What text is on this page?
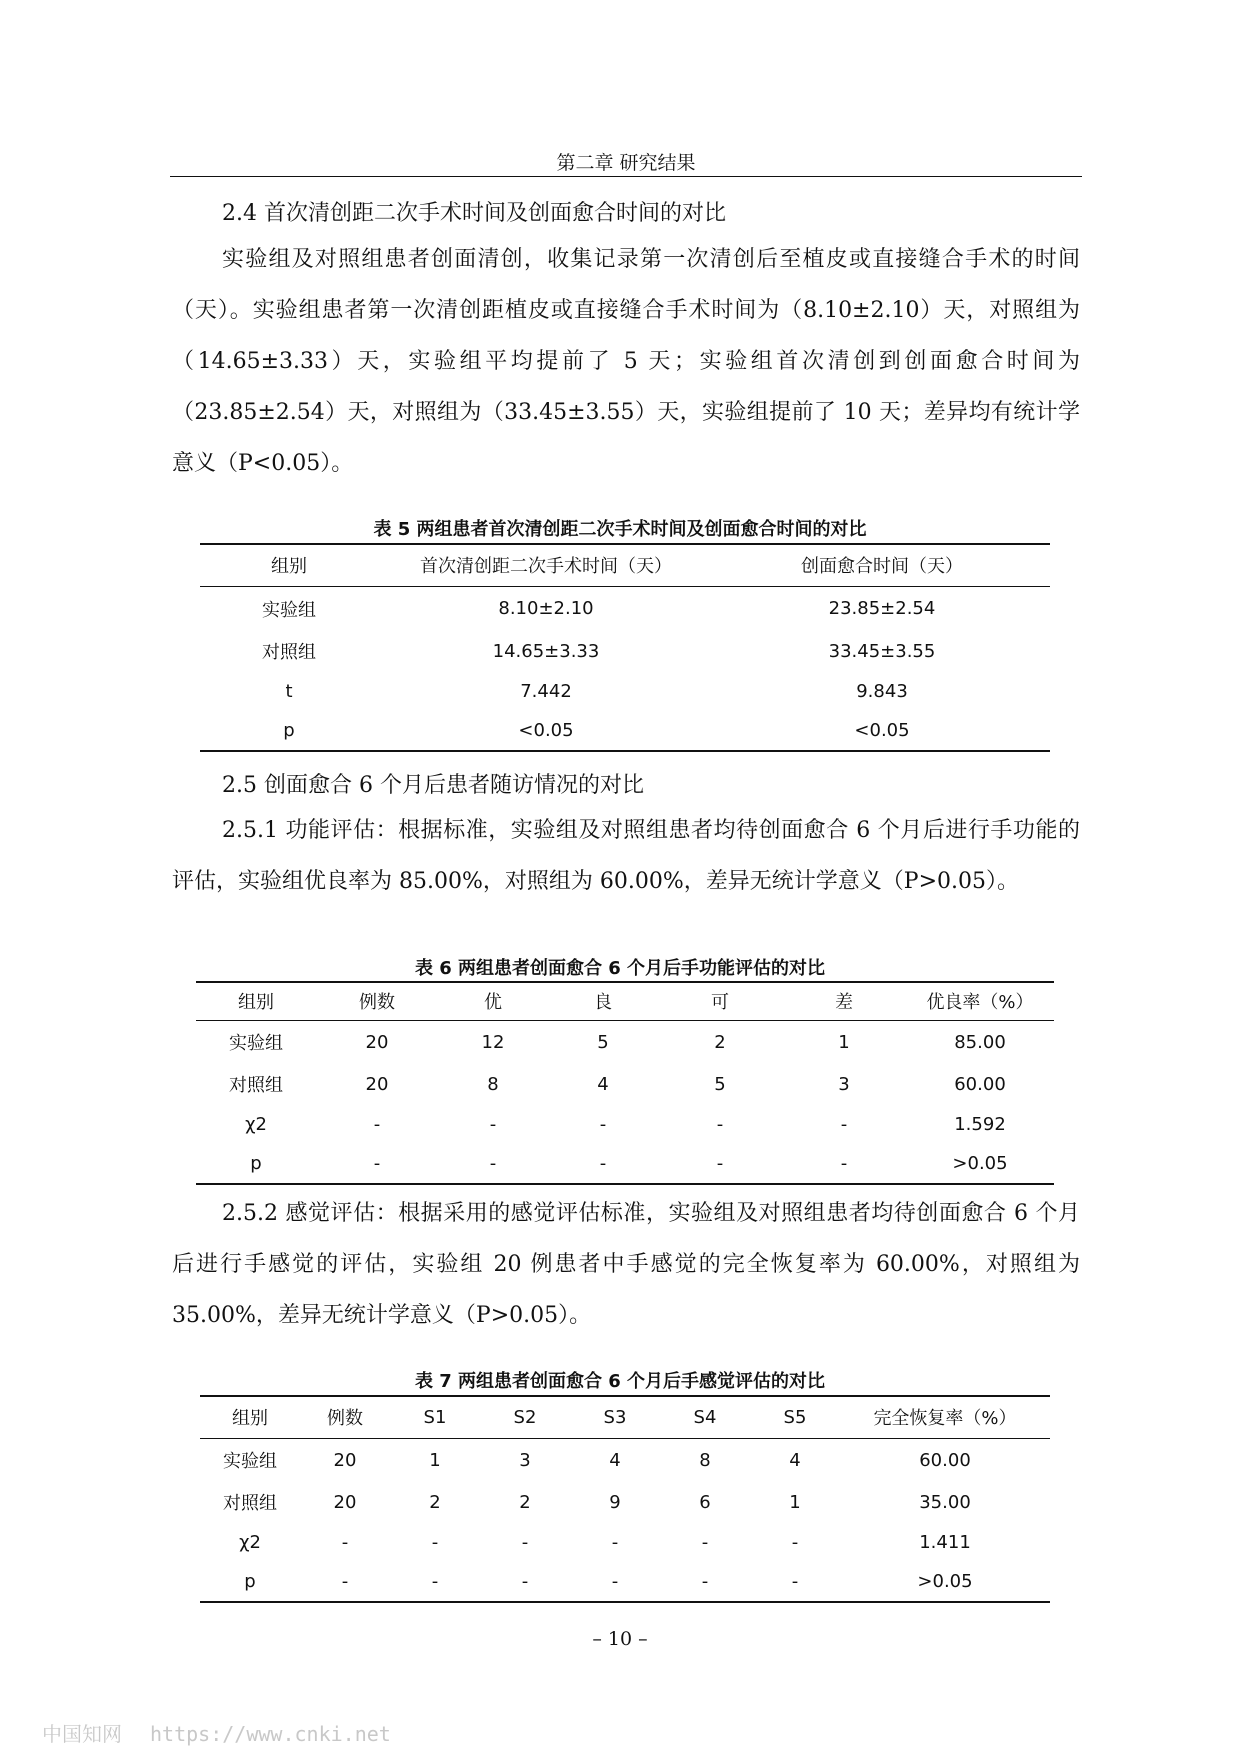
第二章 研究结果
2.4 首次清创距二次手术时间及创面愈合时间的对比

实验组及对照组患者创面清创，收集记录第一次清创后至植皮或直接缝合手术的时间（天）。实验组患者第一次清创距植皮或直接缝合手术时间为（8.10±2.10）天，对照组为（14.65±3.33）天，实验组平均提前了 5 天；实验组首次清创到创面愈合时间为（23.85±2.54）天，对照组为（33.45±3.55）天，实验组提前了 10 天；差异均有统计学意义（P<0.05）。

表 5 两组患者首次清创距二次手术时间及创面愈合时间的对比
组别	首次清创距二次手术时间（天）	创面愈合时间（天）
实验组	8.10±2.10	23.85±2.54
对照组	14.65±3.33	33.45±3.55
t	7.442	9.843
p	<0.05	<0.05
2.5 创面愈合 6 个月后患者随访情况的对比

2.5.1 功能评估：根据标准，实验组及对照组患者均待创面愈合 6 个月后进行手功能的评估，实验组优良率为 85.00%，对照组为 60.00%，差异无统计学意义（P>0.05）。

表 6 两组患者创面愈合 6 个月后手功能评估的对比
组别	例数	优	良	可	差	优良率（%）
实验组	20	12	5	2	1	85.00
对照组	20	8	4	5	3	60.00
χ2	-	-	-	-	-	1.592
p	-	-	-	-	-	>0.05

2.5.2 感觉评估：根据采用的感觉评估标准，实验组及对照组患者均待创面愈合 6 个月后进行手感觉的评估，实验组 20 例患者中手感觉的完全恢复率为 60.00%，对照组为 35.00%，差异无统计学意义（P>0.05）。

表 7 两组患者创面愈合 6 个月后手感觉评估的对比
组别	例数	S1	S2	S3	S4	S5	完全恢复率（%）
实验组	20	1	3	4	8	4	60.00
对照组	20	2	2	9	6	1	35.00
χ2	-	-	-	-	-	-	1.411
p	-	-	-	-	-	-	>0.05
– 10 –
中国知网 https://www.cnki.net
